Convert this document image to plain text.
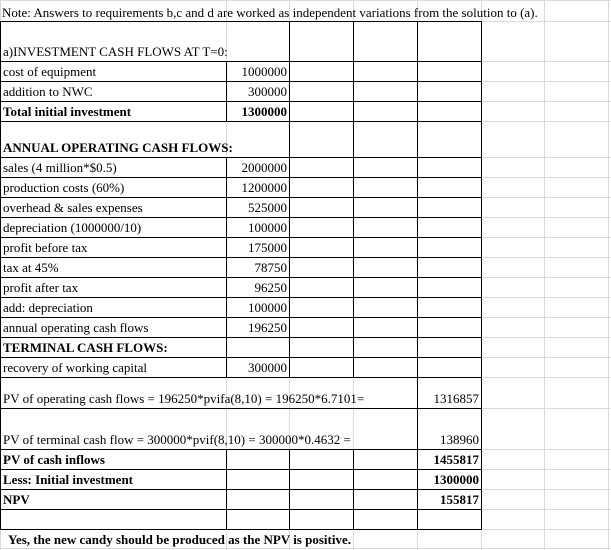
Note: Answers to requirements b,c and d are worked as independent variations from the solution to (a).
a)INVESTMENT CASH FLOWS AT T=0:
cost of equipment	1000000
addition to NWC	300000
Total initial investment	1300000
ANNUAL OPERATING CASH FLOWS:
sales (4 million*$0.5)	2000000
production costs (60%)	1200000
overhead & sales expenses	525000
depreciation (1000000/10)	100000
profit before tax	175000
tax at 45%	78750
profit after tax	96250
add: depreciation	100000
annual operating cash flows	196250
TERMINAL CASH FLOWS:
recovery of working capital	300000
PV of operating cash flows = 196250*pvifa(8,10) = 196250*6.7101=	1316857
PV of terminal cash flow = 300000*pvif(8,10) = 300000*0.4632 =	138960
PV of cash inflows	1455817
Less: Initial investment	1300000
NPV	155817
Yes, the new candy should be produced as the NPV is positive.
